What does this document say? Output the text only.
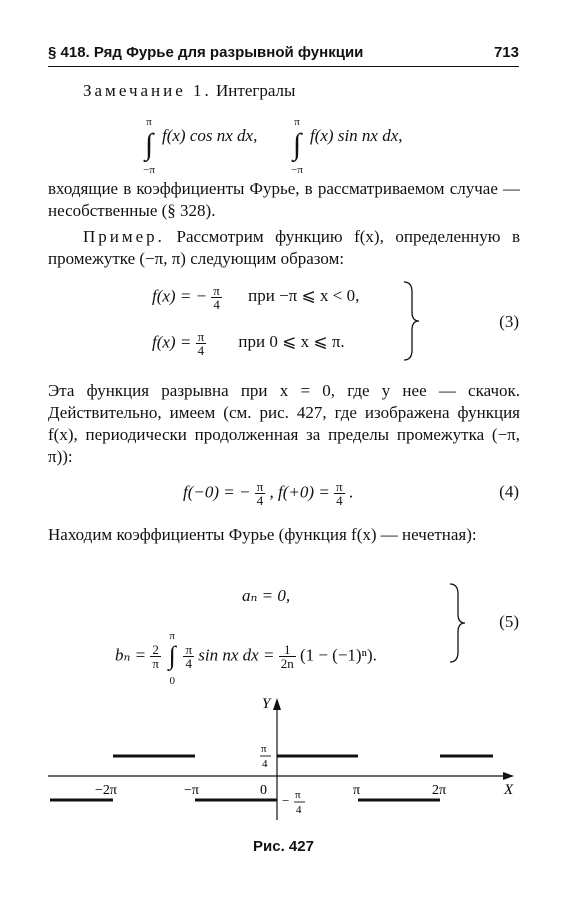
§ 418. Ряд Фурье для разрывной функции	713
Замечание 1. Интегралы
π
∫
−π
f(x) cos nx dx,
π
∫
−π
f(x) sin nx dx,
входящие в коэффициенты Фурье, в рассматриваемом случае — несобственные (§ 328).
Пример. Рассмотрим функцию f(x), определенную в промежутке (−π, π) следующим образом:
f(x) = − $\frac{\pi}{4}$ при −π ⩽ x < 0,
$f(x) = \frac{\pi}{4}$ при 0 ⩽ x ⩽ π.
(3)
Эта функция разрывна при x = 0, где у нее — скачок. Действительно, имеем (см. рис. 427, где изображена функция f(x), периодически продолженная за пределы промежутка (−π, π)):
f(−0) = − $\frac{\pi}{4}$ , $f(+0) = \frac{\pi}{4}$ .	(4)
Находим коэффициенты Фурье (функция f(x) — нечетная):
aₙ = 0,
$b_n = \frac{2}{\pi}$
π
∫
0
$\frac{\pi}{4}$ sin nx dx = $\frac{1}{2n} (1 - (-1)^n)$.
(5)
Y
X
−2π	−π	0	π	2π
π
4
− π
4
Рис. 427
